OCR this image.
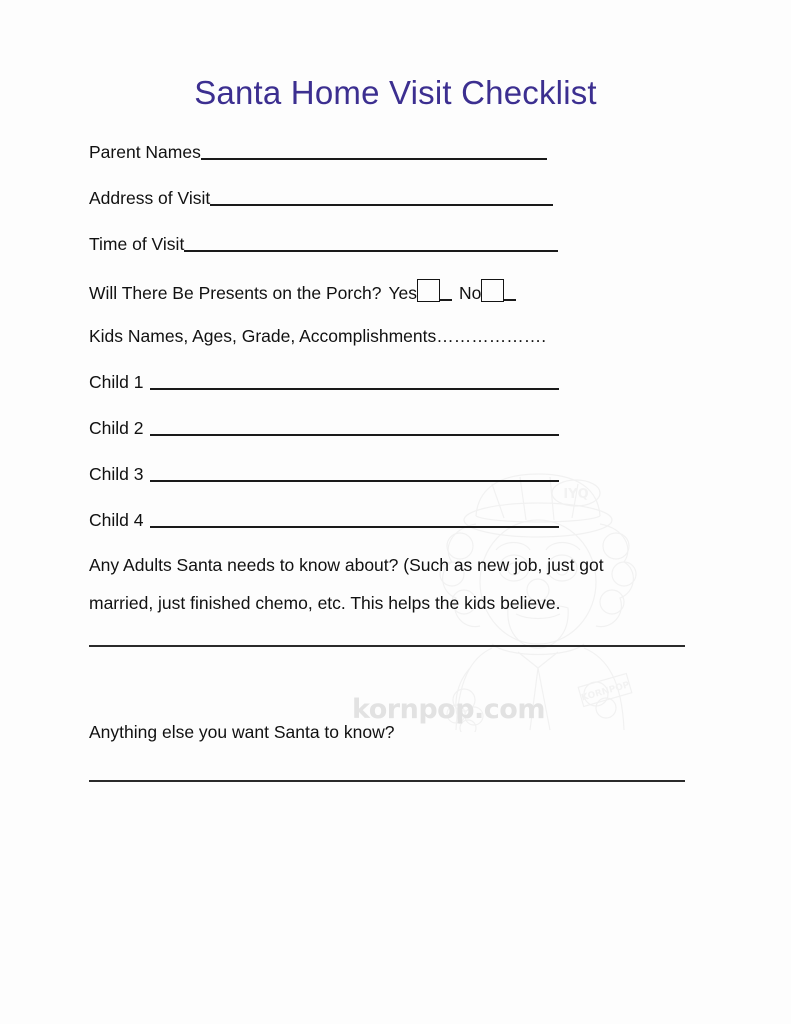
IYQ
KORNPOP
kornpop.com
Santa Home Visit Checklist
Parent Names
Address of Visit
Time of Visit
Will There Be Presents on the Porch? Yes No
Kids Names, Ages, Grade, Accomplishments……………….
Child 1
Child 2
Child 3
Child 4
Any Adults Santa needs to know about? (Such as new job, just got
married, just finished chemo, etc. This helps the kids believe.
Anything else you want Santa to know?
